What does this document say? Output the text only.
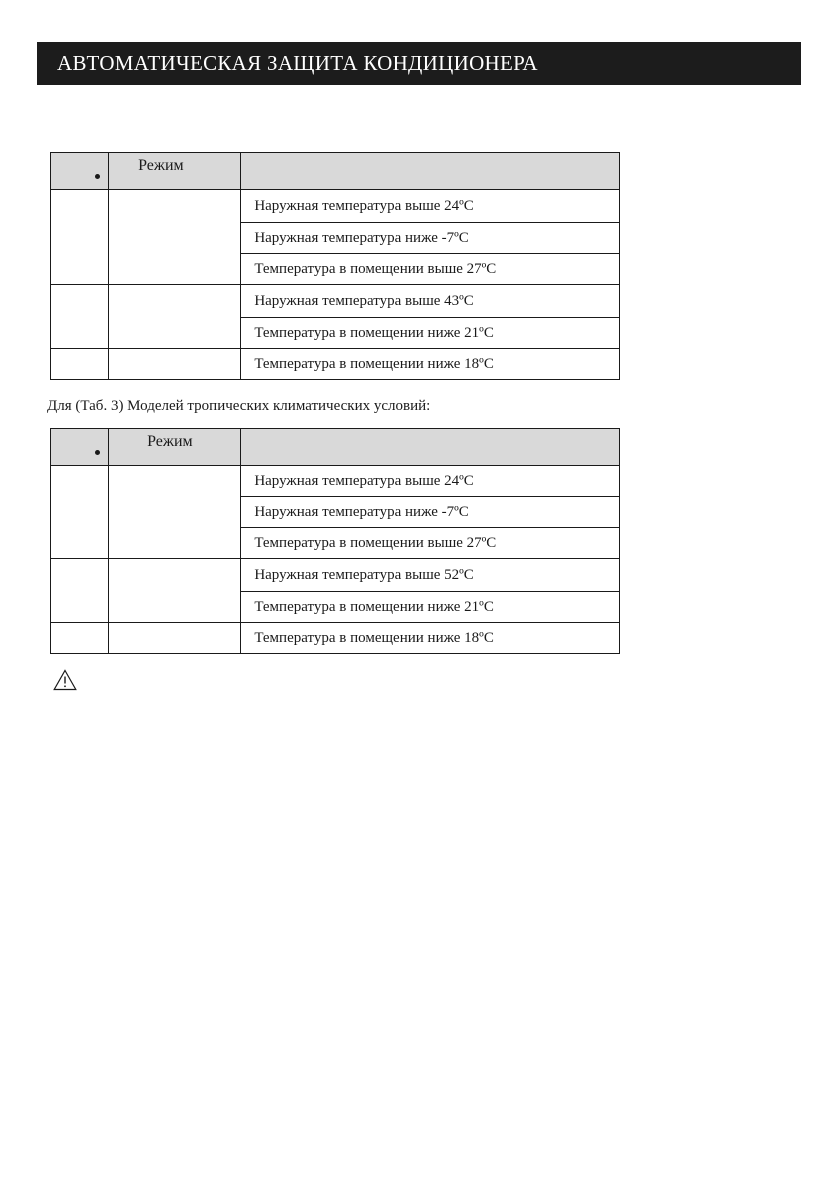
АВТОМАТИЧЕСКАЯ ЗАЩИТА КОНДИЦИОНЕРА
	Режим	
		Наружная температура выше 24ºС
		Наружная температура ниже -7ºС
		Температура в помещении выше 27ºС
		Наружная температура выше 43ºС
		Температура в помещении ниже 21ºС
		Температура в помещении ниже 18ºС
Для (Таб. 3) Моделей тропических климатических условий:
	Режим	
		Наружная температура выше 24ºС
		Наружная температура ниже -7ºС
		Температура в помещении выше 27ºС
		Наружная температура выше 52ºС
		Температура в помещении ниже 21ºС
		Температура в помещении ниже 18ºС
